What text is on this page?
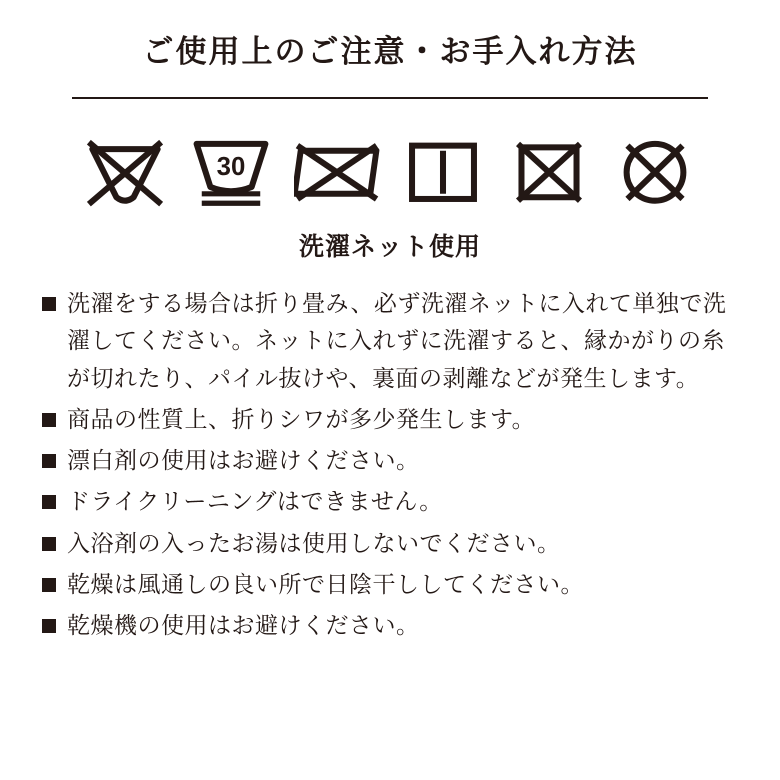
ご使用上のご注意・お手入れ方法
30
洗濯ネット使用
洗濯をする場合は折り畳み、必ず洗濯ネットに入れて単独で洗濯してください。ネットに入れずに洗濯すると、縁かがりの糸が切れたり、パイル抜けや、裏面の剥離などが発生します。
商品の性質上、折りシワが多少発生します。
漂白剤の使用はお避けください。
ドライクリーニングはできません。
入浴剤の入ったお湯は使用しないでください。
乾燥は風通しの良い所で日陰干ししてください。
乾燥機の使用はお避けください。
